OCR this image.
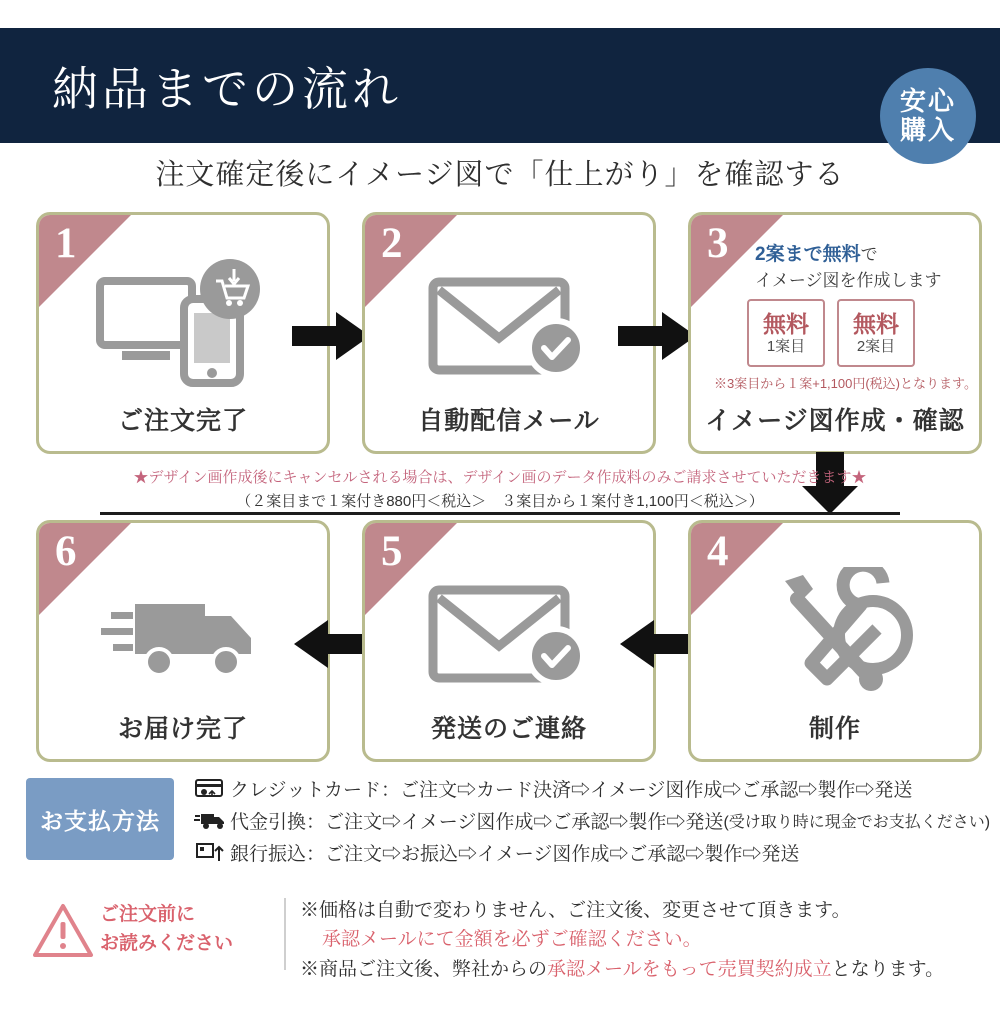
納品までの流れ	安心
購入
注文確定後にイメージ図で「仕上がり」を確認する
1
ご注文完了
2
自動配信メール
3 2案まで無料で
イメージ図を作成します
無料
1案目
無料
2案目
※3案目から１案+1,100円(税込)となります。
イメージ図作成・確認
★デザイン画作成後にキャンセルされる場合は、デザイン画のデータ作成料のみご請求させていただきます★
（２案目まで１案付き880円＜税込＞　３案目から１案付き1,100円＜税込＞）
6
お届け完了
5
発送のご連絡
4
制作
お支払方法
クレジットカード：ご注文⇨カード決済⇨イメージ図作成⇨ご承認⇨製作⇨発送
代金引換：ご注文⇨イメージ図作成⇨ご承認⇨製作⇨発送 (受け取り時に現金でお支払ください)
銀行振込：ご注文⇨お振込⇨イメージ図作成⇨ご承認⇨製作⇨発送
ご注文前に
お読みください
※価格は自動で変わりません、ご注文後、変更させて頂きます。
承認メールにて金額を必ずご確認ください。
※商品ご注文後、弊社からの承認メールをもって売買契約成立となります。
